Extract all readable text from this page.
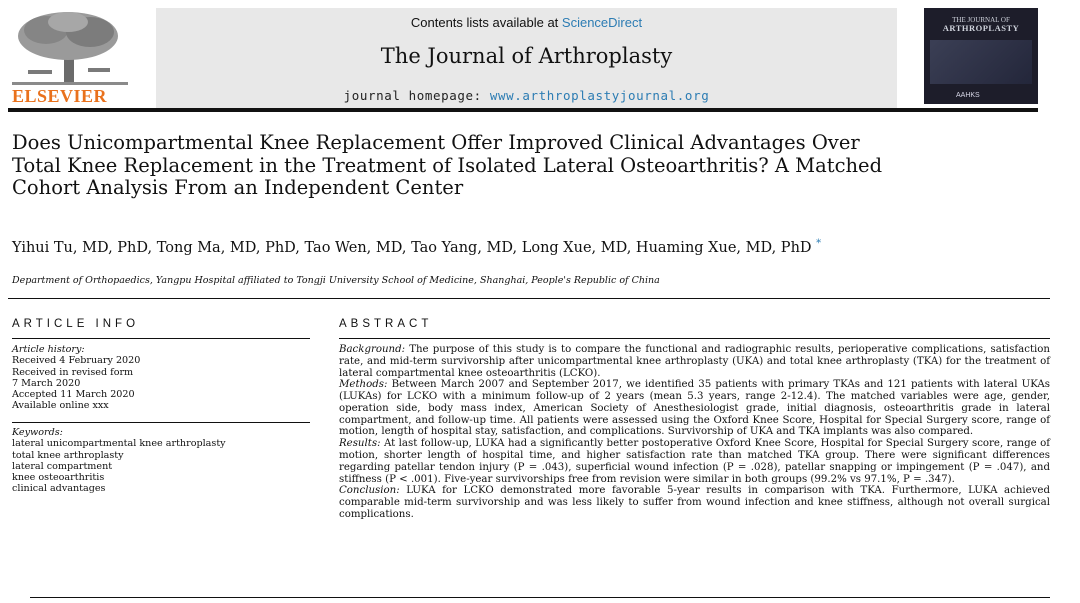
ELSEVIER
Contents lists available at ScienceDirect
The Journal of Arthroplasty
journal homepage: www.arthroplastyjournal.org
THE JOURNAL OF
ARTHROPLASTY
AAHKS
Does Unicompartmental Knee Replacement Offer Improved Clinical Advantages Over Total Knee Replacement in the Treatment of Isolated Lateral Osteoarthritis? A Matched Cohort Analysis From an Independent Center
Yihui Tu, MD, PhD, Tong Ma, MD, PhD, Tao Wen, MD, Tao Yang, MD, Long Xue, MD, Huaming Xue, MD, PhD *
Department of Orthopaedics, Yangpu Hospital affiliated to Tongji University School of Medicine, Shanghai, People's Republic of China
ARTICLE INFO
Article history:
Received 4 February 2020
Received in revised form
7 March 2020
Accepted 11 March 2020
Available online xxx
Keywords:
lateral unicompartmental knee arthroplasty
total knee arthroplasty
lateral compartment
knee osteoarthritis
clinical advantages
ABSTRACT

Background: The purpose of this study is to compare the functional and radiographic results, perioperative complications, satisfaction rate, and mid-term survivorship after unicompartmental knee arthroplasty (UKA) and total knee arthroplasty (TKA) for the treatment of lateral compartmental knee osteoarthritis (LCKO).

Methods: Between March 2007 and September 2017, we identified 35 patients with primary TKAs and 121 patients with lateral UKAs (LUKAs) for LCKO with a minimum follow-up of 2 years (mean 5.3 years, range 2-12.4). The matched variables were age, gender, operation side, body mass index, American Society of Anesthesiologist grade, initial diagnosis, osteoarthritis grade in lateral compartment, and follow-up time. All patients were assessed using the Oxford Knee Score, Hospital for Special Surgery score, range of motion, length of hospital stay, satisfaction, and complications. Survivorship of UKA and TKA implants was also compared.

Results: At last follow-up, LUKA had a significantly better postoperative Oxford Knee Score, Hospital for Special Surgery score, range of motion, shorter length of hospital time, and higher satisfaction rate than matched TKA group. There were significant differences regarding patellar tendon injury (P = .043), superficial wound infection (P = .028), patellar snapping or impingement (P = .047), and stiffness (P < .001). Five-year survivorships free from revision were similar in both groups (99.2% vs 97.1%, P = .347).

Conclusion: LUKA for LCKO demonstrated more favorable 5-year results in comparison with TKA. Furthermore, LUKA achieved comparable mid-term survivorship and was less likely to suffer from wound infection and knee stiffness, although not overall surgical complications.
